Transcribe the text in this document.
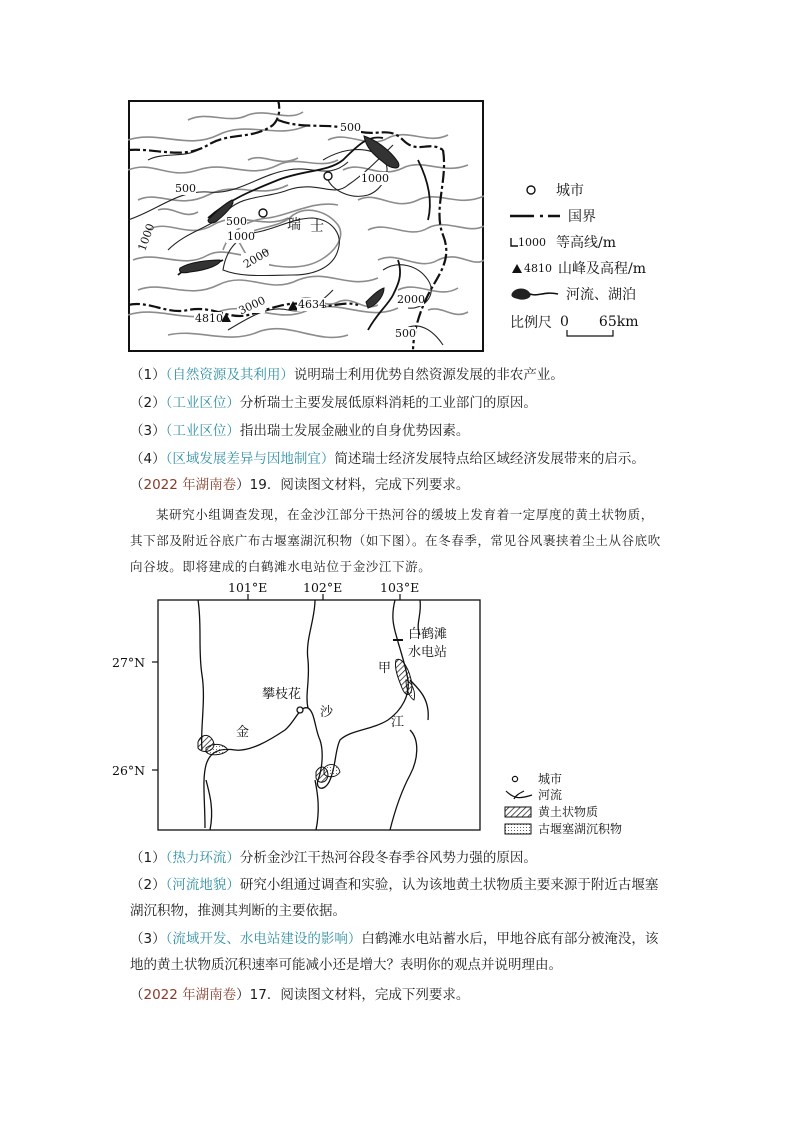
500
1000
500
500
1000	1000
2000
2000
3000	4634
4810
500
瑞 士
城市
国界
1000 等高线/m
4810 山峰及高程/m
河流、湖泊
比例尺 0 65km
（1）（自然资源及其利用）说明瑞士利用优势自然资源发展的非农产业。
（2）（工业区位）分析瑞士主要发展低原料消耗的工业部门的原因。
（3）（工业区位）指出瑞士发展金融业的自身优势因素。
（4）（区域发展差异与因地制宜）简述瑞士经济发展特点给区域经济发展带来的启示。
（2022 年湖南卷）19．阅读图文材料，完成下列要求。
某研究小组调查发现，在金沙江部分干热河谷的缓坡上发育着一定厚度的黄土状物质，其下部及附近谷底广布古堰塞湖沉积物（如下图）。在冬春季，常见谷风裹挟着尘土从谷底吹向谷坡。即将建成的白鹤滩水电站位于金沙江下游。
101°E	102°E	103°E
27°N
26°N
白鹤滩
水电站
甲
攀枝花
金
沙
江
城市
河流
黄土状物质
古堰塞湖沉积物
（1）（热力环流）分析金沙江干热河谷段冬春季谷风势力强的原因。
（2）（河流地貌）研究小组通过调查和实验，认为该地黄土状物质主要来源于附近古堰塞湖沉积物，推测其判断的主要依据。
（3）（流域开发、水电站建设的影响）白鹤滩水电站蓄水后，甲地谷底有部分被淹没，该地的黄土状物质沉积速率可能减小还是增大？表明你的观点并说明理由。
（2022 年湖南卷）17．阅读图文材料，完成下列要求。
